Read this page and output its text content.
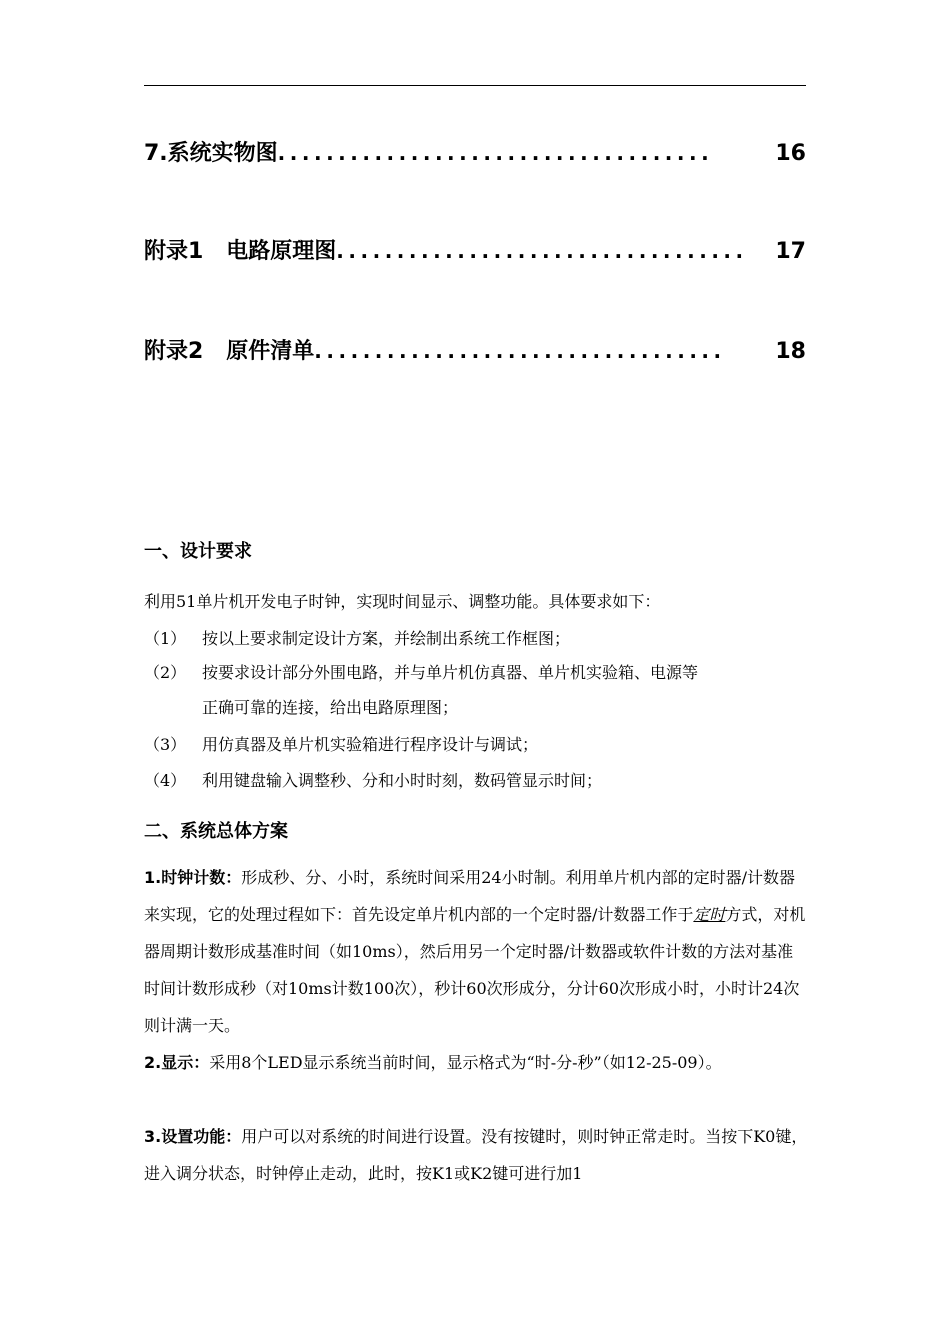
7.系统实物图 ....................................	16
附录1   电路原理图 ..................................	17
附录2   原件清单 ..................................	18
一、设计要求
利用51单片机开发电子时钟，实现时间显示、调整功能。具体要求如下：
（1） 按以上要求制定设计方案，并绘制出系统工作框图；
（2） 按要求设计部分外围电路，并与单片机仿真器、单片机实验箱、电源等
正确可靠的连接，给出电路原理图；
（3） 用仿真器及单片机实验箱进行程序设计与调试；
（4） 利用键盘输入调整秒、分和小时时刻，数码管显示时间；
二、系统总体方案
1.时钟计数：形成秒、分、小时，系统时间采用24小时制。利用单片机内部的定时器/计数器来实现，它的处理过程如下：首先设定单片机内部的一个定时器/计数器工作于定时方式，对机器周期计数形成基准时间（如10ms），然后用另一个定时器/计数器或软件计数的方法对基准时间计数形成秒（对10ms计数100次），秒计60次形成分，分计60次形成小时，小时计24次则计满一天。
2.显示：采用8个LED显示系统当前时间，显示格式为“时-分-秒”（如12-25-09）。
3.设置功能：用户可以对系统的时间进行设置。没有按键时，则时钟正常走时。当按下K0键，进入调分状态，时钟停止走动，此时，按K1或K2键可进行加1
